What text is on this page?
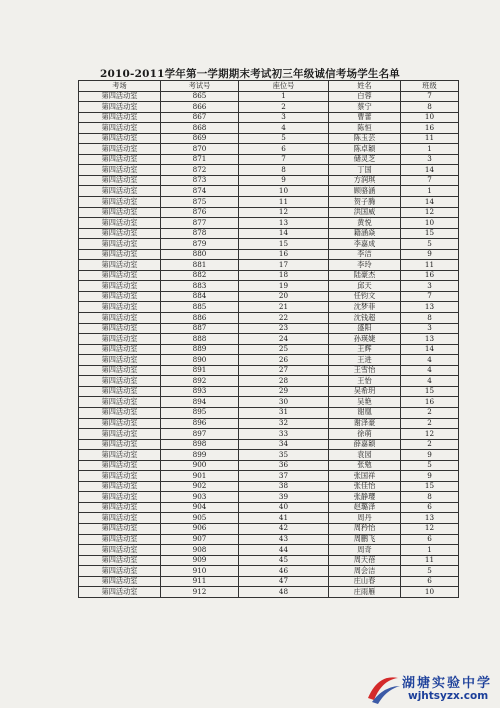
2010-2011学年第一学期期末考试初三年级诚信考场学生名单
考场	考试号	座位号	姓名	班级
第四活动室	865	1	白蓉	7
第四活动室	866	2	蔡宁	8
第四活动室	867	3	曹蕾	10
第四活动室	868	4	陈恒	16
第四活动室	869	5	陈玉芸	11
第四活动室	870	6	陈卓颖	1
第四活动室	871	7	储灵芝	3
第四活动室	872	8	丁国	14
第四活动室	873	9	方润琪	7
第四活动室	874	10	顾骆涵	1
第四活动室	875	11	贺子腾	14
第四活动室	876	12	洪国威	12
第四活动室	877	13	黄悦	10
第四活动室	878	14	籍涵焱	15
第四活动室	879	15	李嘉成	5
第四活动室	880	16	李洁	9
第四活动室	881	17	李玲	11
第四活动室	882	18	陆豪杰	16
第四活动室	883	19	邱天	3
第四活动室	884	20	任钧文	7
第四活动室	885	21	沈梦菲	13
第四活动室	886	22	沈钱超	8
第四活动室	887	23	盛阳	3
第四活动室	888	24	孙瑛婕	13
第四活动室	889	25	王辉	14
第四活动室	890	26	王进	4
第四活动室	891	27	王雪怡	4
第四活动室	892	28	王怡	4
第四活动室	893	29	吴希玥	15
第四活动室	894	30	吴艳	16
第四活动室	895	31	谢凰	2
第四活动室	896	32	谢泽豪	2
第四活动室	897	33	徐萌	12
第四活动室	898	34	薛嘉颖	2
第四活动室	899	35	袁园	9
第四活动室	900	36	张勉	5
第四活动室	901	37	张国祥	9
第四活动室	902	38	张佳怡	15
第四活动室	903	39	张静璎	8
第四活动室	904	40	赵璐泽	6
第四活动室	905	41	周丹	13
第四活动室	906	42	周矜怡	12
第四活动室	907	43	周鹏飞	6
第四活动室	908	44	周奇	1
第四活动室	909	45	周天蓓	11
第四活动室	910	46	周会洁	5
第四活动室	911	47	庄山春	6
第四活动室	912	48	庄雨雁	10
湖塘实验中学
wjhtsyzx.com
